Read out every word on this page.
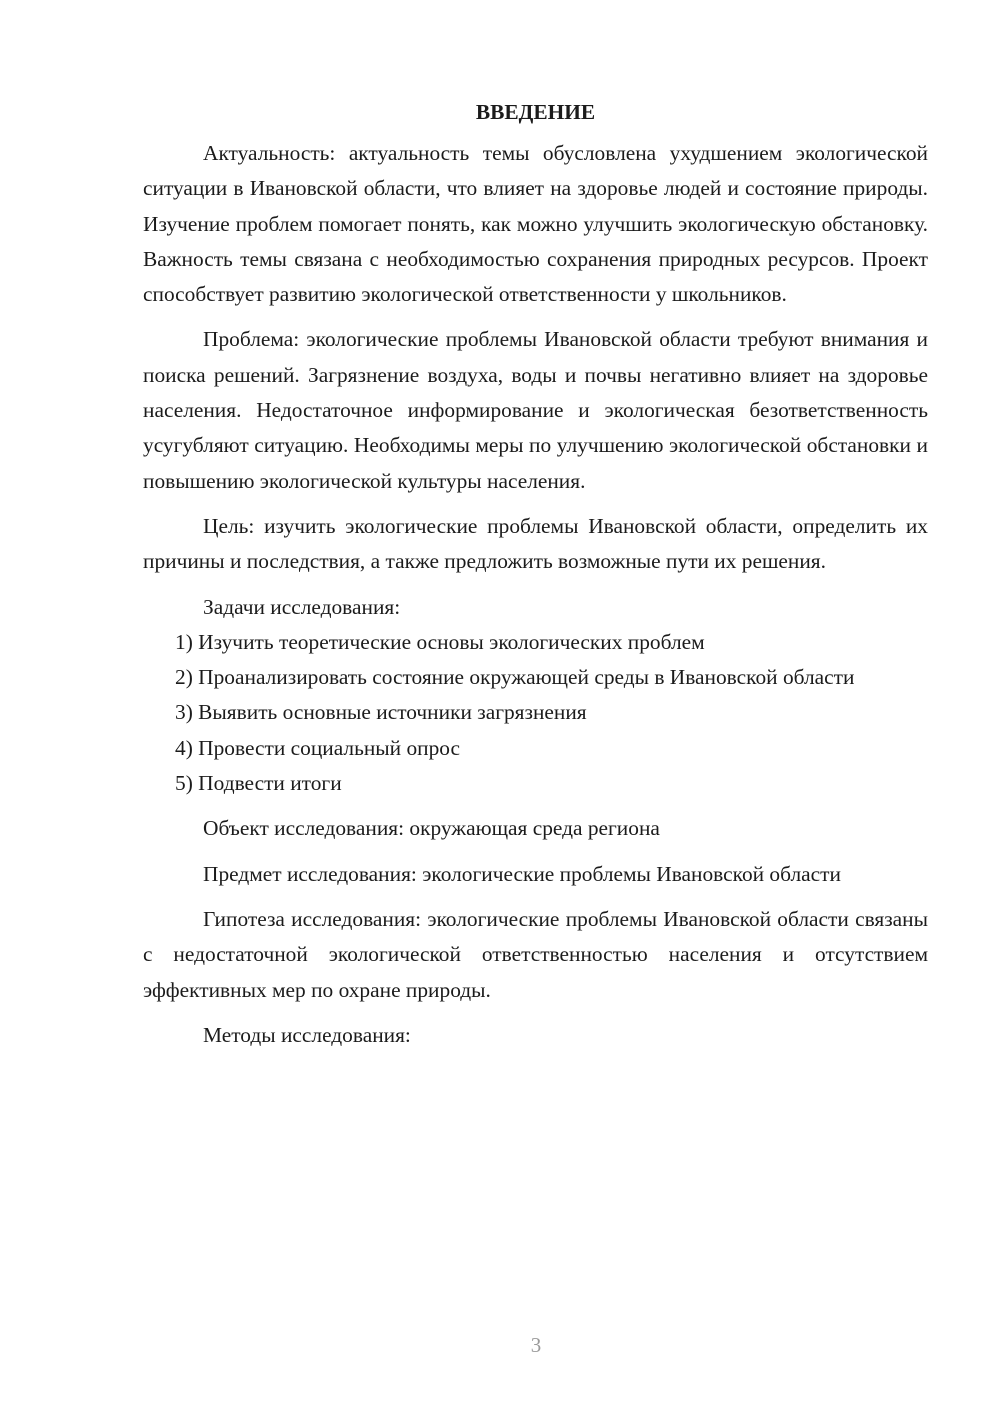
ВВЕДЕНИЕ

Актуальность: актуальность темы обусловлена ухудшением экологической ситуации в Ивановской области, что влияет на здоровье людей и состояние природы. Изучение проблем помогает понять, как можно улучшить экологическую обстановку. Важность темы связана с необходимостью сохранения природных ресурсов. Проект способствует развитию экологической ответственности у школьников.

Проблема: экологические проблемы Ивановской области требуют внимания и поиска решений. Загрязнение воздуха, воды и почвы негативно влияет на здоровье населения. Недостаточное информирование и экологическая безответственность усугубляют ситуацию. Необходимы меры по улучшению экологической обстановки и повышению экологической культуры населения.

Цель: изучить экологические проблемы Ивановской области, определить их причины и последствия, а также предложить возможные пути их решения.

Задачи исследования:

1) Изучить теоретические основы экологических проблем

2) Проанализировать состояние окружающей среды в Ивановской области

3) Выявить основные источники загрязнения

4) Провести социальный опрос

5) Подвести итоги

Объект исследования: окружающая среда региона

Предмет исследования: экологические проблемы Ивановской области

Гипотеза исследования: экологические проблемы Ивановской области связаны с недостаточной экологической ответственностью населения и отсутствием эффективных мер по охране природы.

Методы исследования:

3
